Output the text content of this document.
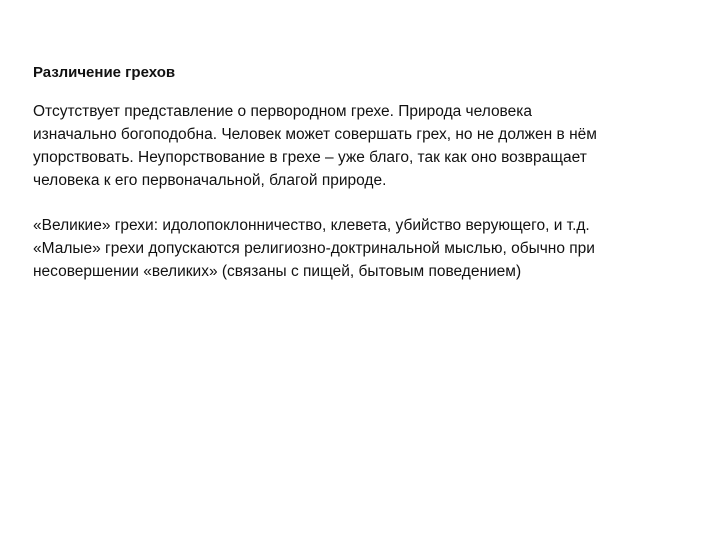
Различение грехов

Отсутствует представление о первородном грехе. Природа человека
изначально богоподобна. Человек может совершать грех, но не должен в нём
упорствовать. Неупорствование в грехе – уже благо, так как оно возвращает
человека к его первоначальной, благой природе.

«Великие» грехи: идолопоклонничество, клевета, убийство верующего, и т.д.
«Малые» грехи допускаются религиозно-доктринальной мыслью, обычно при
несовершении «великих» (связаны с пищей, бытовым поведением)
